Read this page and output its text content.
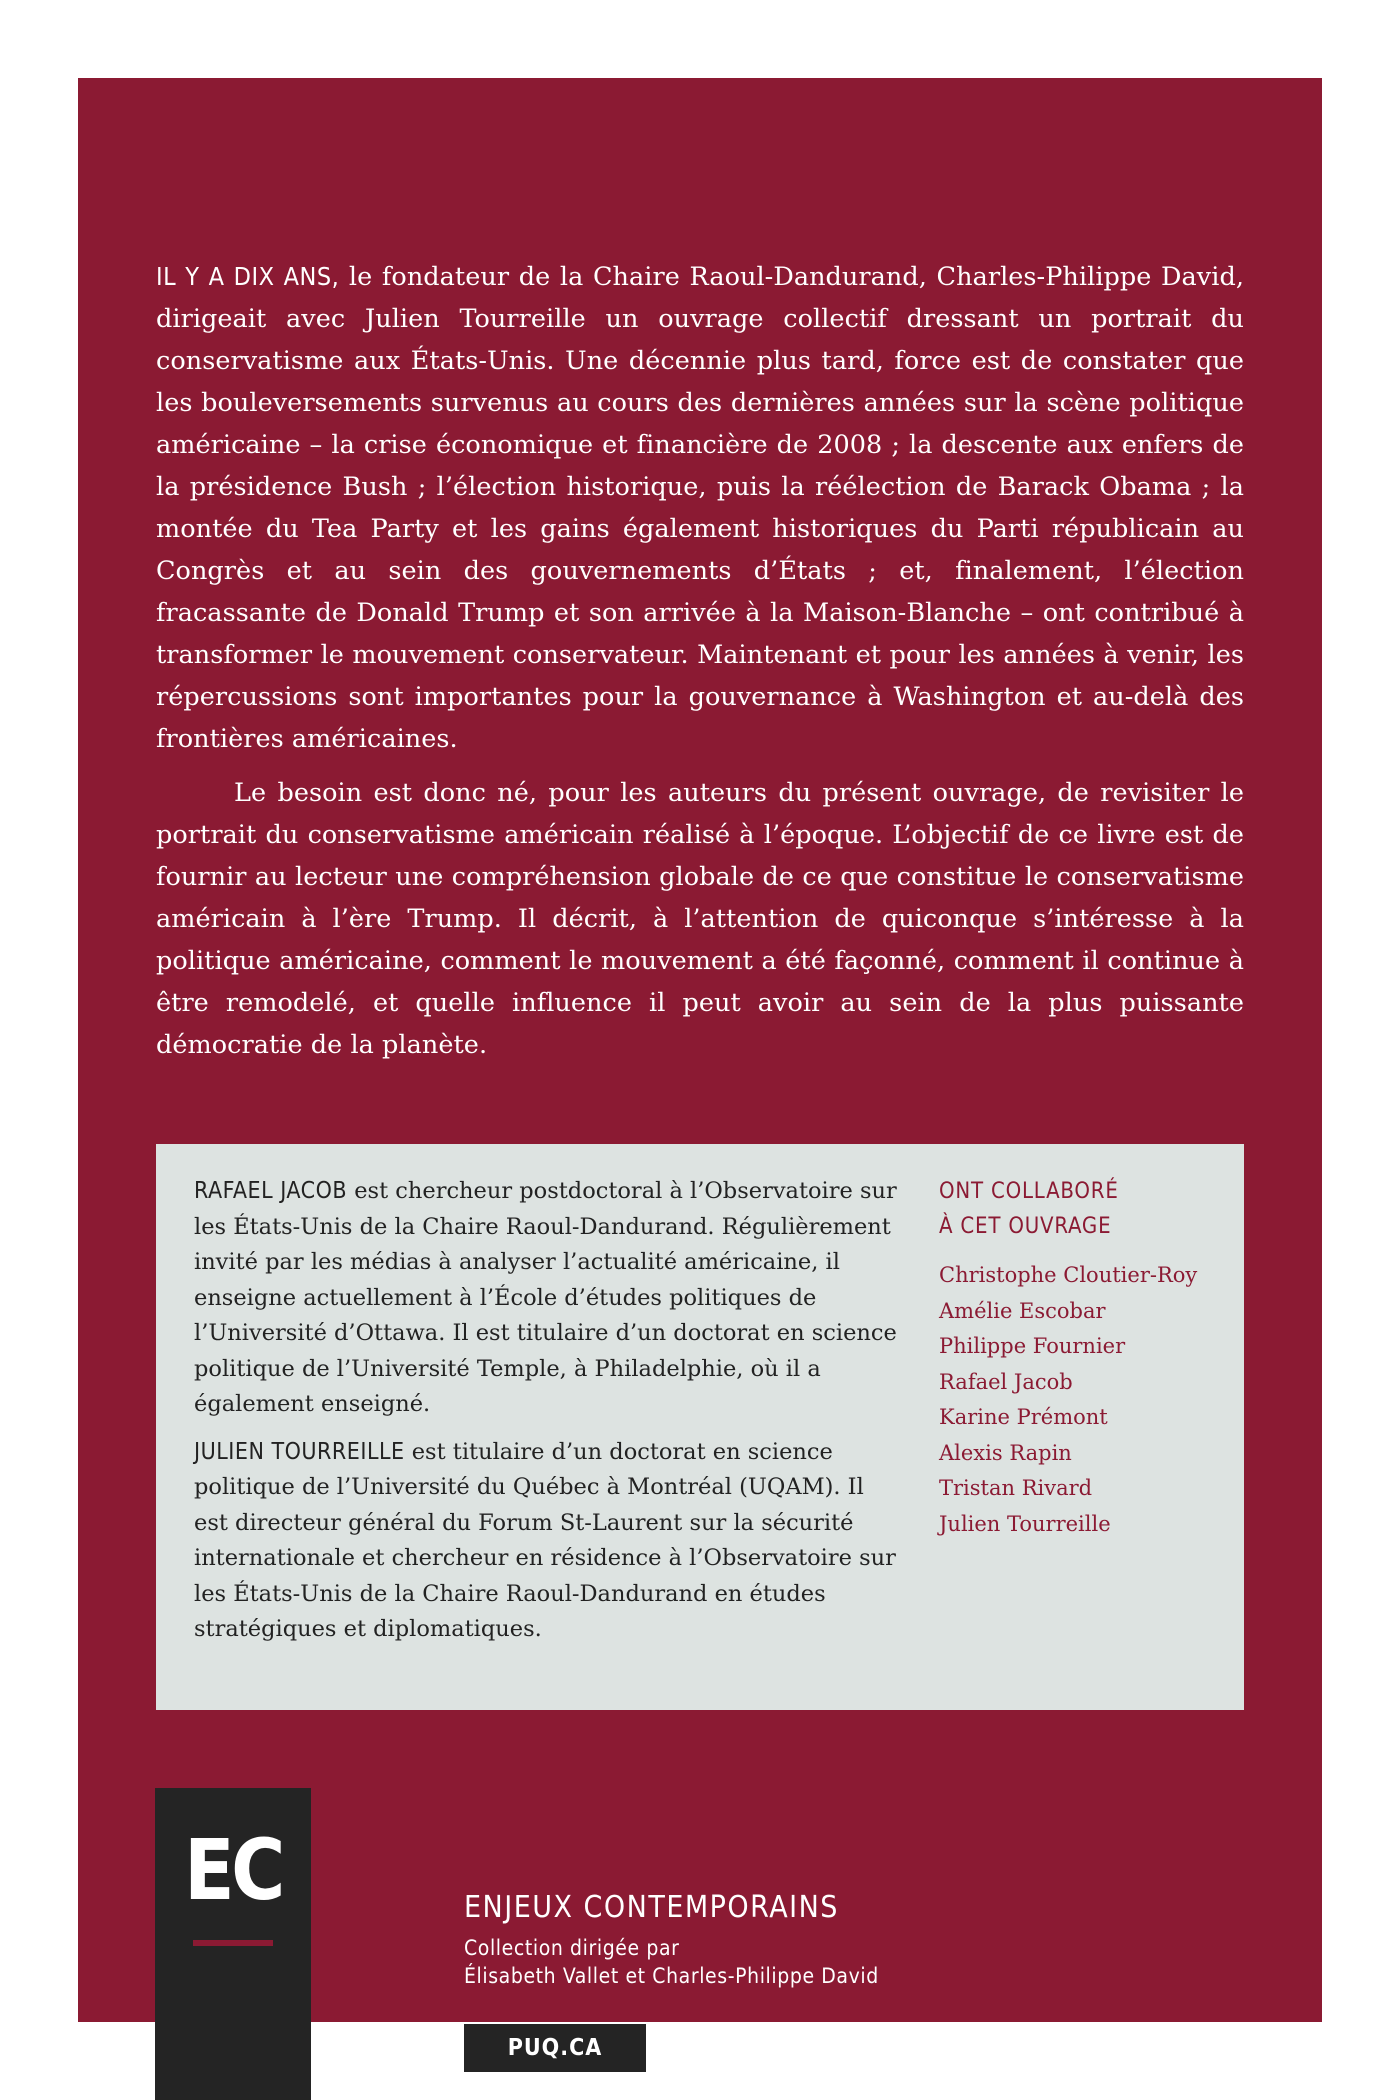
IL Y A DIX ANS, le fondateur de la Chaire Raoul-Dandurand, Charles-Philippe David, dirigeait avec Julien Tourreille un ouvrage collectif dressant un portrait du conservatisme aux États-Unis. Une décennie plus tard, force est de constater que les bouleversements survenus au cours des dernières années sur la scène politique américaine – la crise économique et financière de 2008 ; la descente aux enfers de la présidence Bush ; l’élection historique, puis la réélection de Barack Obama ; la montée du Tea Party et les gains également historiques du Parti républicain au Congrès et au sein des gouvernements d’États ; et, finalement, l’élection fracassante de Donald Trump et son arrivée à la Maison-Blanche – ont contribué à transformer le mouvement conservateur. Maintenant et pour les années à venir, les répercussions sont importantes pour la gouvernance à Washington et au-delà des frontières américaines.

Le besoin est donc né, pour les auteurs du présent ouvrage, de revisiter le portrait du conservatisme américain réalisé à l’époque. L’objectif de ce livre est de fournir au lecteur une compréhension globale de ce que constitue le conservatisme américain à l’ère Trump. Il décrit, à l’attention de quiconque s’intéresse à la politique américaine, comment le mouvement a été façonné, comment il continue à être remodelé, et quelle influence il peut avoir au sein de la plus puissante démocratie de la planète.

RAFAEL JACOB est chercheur postdoctoral à l’Observatoire sur les États-Unis de la Chaire Raoul-Dandurand. Régulièrement invité par les médias à analyser l’actualité américaine, il enseigne actuellement à l’École d’études politiques de l’Université d’Ottawa. Il est titulaire d’un doctorat en science politique de l’Université Temple, à Philadelphie, où il a également enseigné.

JULIEN TOURREILLE est titulaire d’un doctorat en science politique de l’Université du Québec à Montréal (UQAM). Il est directeur général du Forum St-Laurent sur la sécurité internationale et chercheur en résidence à l’Observatoire sur les États-Unis de la Chaire Raoul-Dandurand en études stratégiques et diplomatiques.

ONT COLLABORÉ
À CET OUVRAGE
Christophe Cloutier-Roy
Amélie Escobar
Philippe Fournier
Rafael Jacob
Karine Prémont
Alexis Rapin
Tristan Rivard
Julien Tourreille
ENJEUX CONTEMPORAINS
Collection dirigée par
Élisabeth Vallet et Charles-Philippe David
PUQ.CA
EC
